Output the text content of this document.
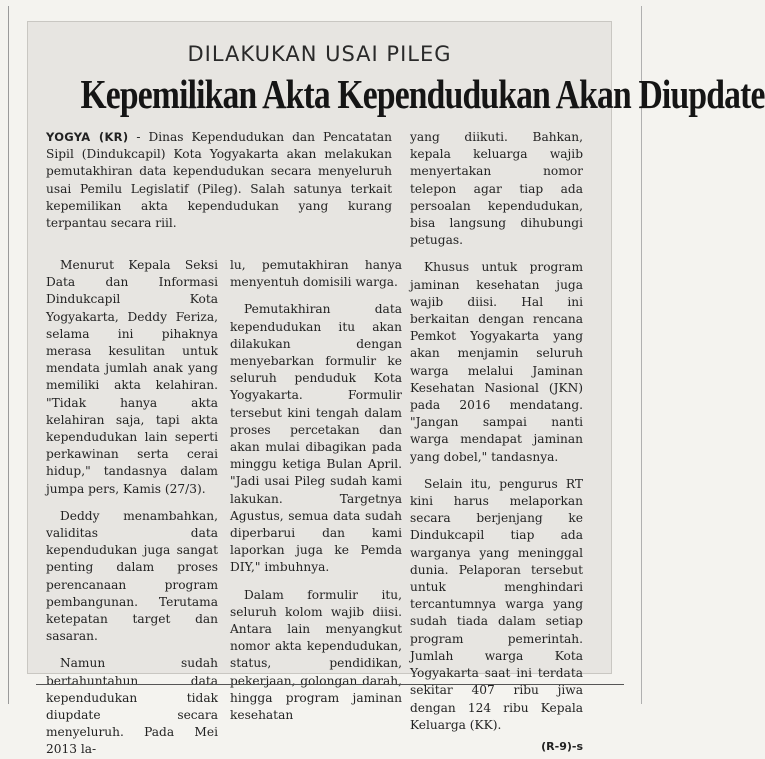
DILAKUKAN USAI PILEG
Kepemilikan Akta Kependudukan Akan Diupdate

YOGYA (KR) - Dinas Kependudukan dan Pencatatan Sipil (Dindukcapil) Kota Yogyakarta akan melakukan pemutakhiran data kependudukan secara menyeluruh usai Pemilu Legislatif (Pileg). Salah satunya terkait kepemilikan akta kependudukan yang kurang terpantau secara riil.

Menurut Kepala Seksi Data dan Informasi Dindukcapil Kota Yogyakarta, Deddy Feriza, selama ini pihaknya merasa kesulitan untuk mendata jumlah anak yang memiliki akta kelahiran. "Tidak hanya akta kelahiran saja, tapi akta kependudukan lain seperti perkawinan serta cerai hidup," tandasnya dalam jumpa pers, Kamis (27/3).

Deddy menambahkan, validitas data kependudukan juga sangat penting dalam proses perencanaan program pembangunan. Terutama ketepatan target dan sasaran.

Namun sudah bertahuntahun data kependudukan tidak diupdate secara menyeluruh. Pada Mei 2013 la-

lu, pemutakhiran hanya menyentuh domisili warga.

Pemutakhiran data kependudukan itu akan dilakukan dengan menyebarkan formulir ke seluruh penduduk Kota Yogyakarta. Formulir tersebut kini tengah dalam proses percetakan dan akan mulai dibagikan pada minggu ketiga Bulan April. "Jadi usai Pileg sudah kami lakukan. Targetnya Agustus, semua data sudah diperbarui dan kami laporkan juga ke Pemda DIY," imbuhnya.

Dalam formulir itu, seluruh kolom wajib diisi. Antara lain menyangkut nomor akta kependudukan, status, pendidikan, pekerjaan, golongan darah, hingga program jaminan kesehatan

yang diikuti. Bahkan, kepala keluarga wajib menyertakan nomor telepon agar tiap ada persoalan kependudukan, bisa langsung dihubungi petugas.

Khusus untuk program jaminan kesehatan juga wajib diisi. Hal ini berkaitan dengan rencana Pemkot Yogyakarta yang akan menjamin seluruh warga melalui Jaminan Kesehatan Nasional (JKN) pada 2016 mendatang. "Jangan sampai nanti warga mendapat jaminan yang dobel," tandasnya.

Selain itu, pengurus RT kini harus melaporkan secara berjenjang ke Dindukcapil tiap ada warganya yang meninggal dunia. Pelaporan tersebut untuk menghindari tercantumnya warga yang sudah tiada dalam setiap program pemerintah. Jumlah warga Kota Yogyakarta saat ini terdata sekitar 407 ribu jiwa dengan 124 ribu Kepala Keluarga (KK).

(R-9)-s
